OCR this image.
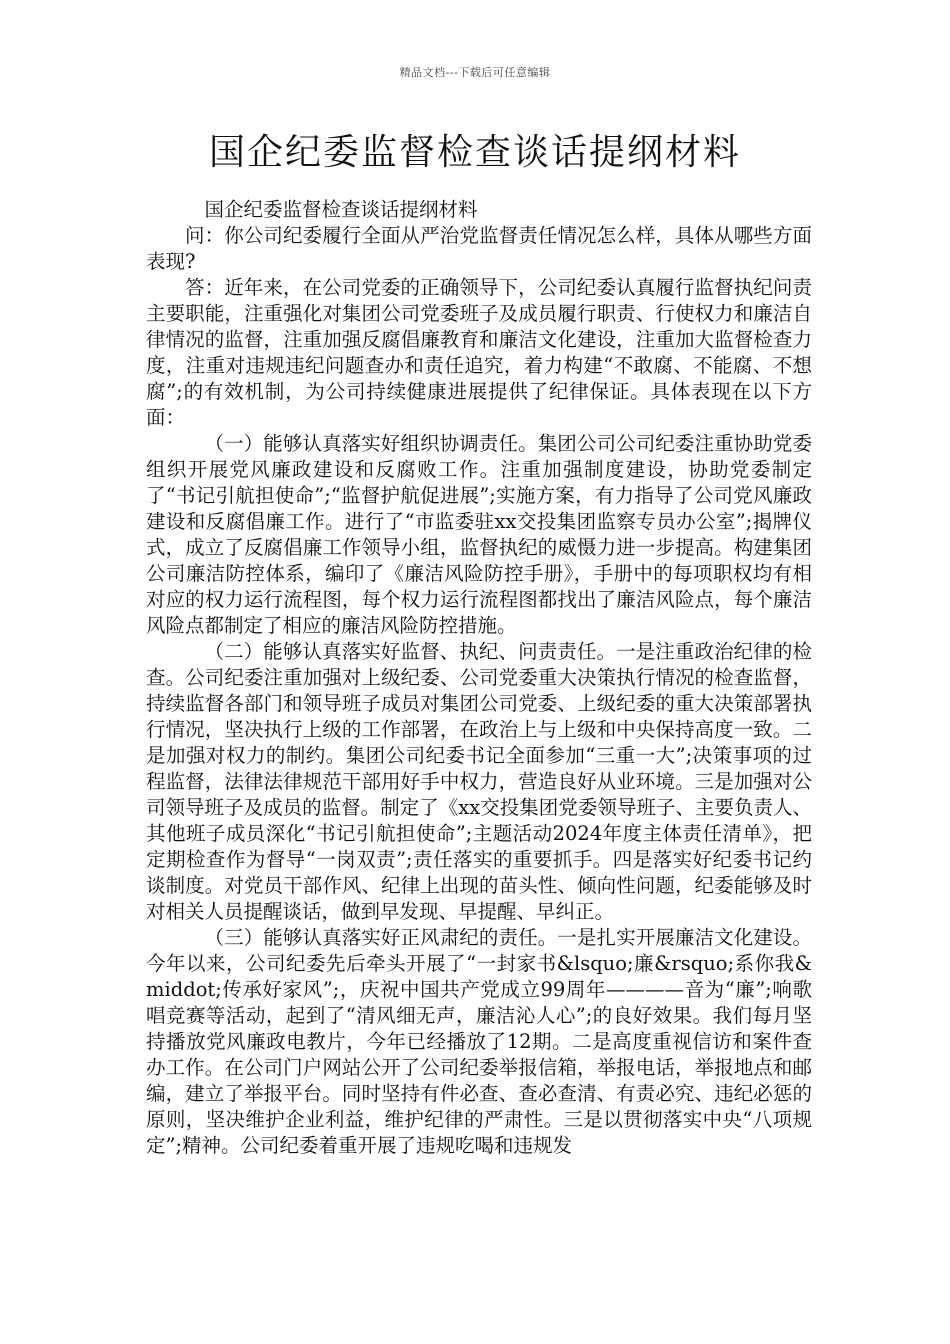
精品文档---下载后可任意编辑
国企纪委监督检查谈话提纲材料

国企纪委监督检查谈话提纲材料

问：你公司纪委履行全面从严治党监督责任情况怎么样，具体从哪些方面表现?

答：近年来，在公司党委的正确领导下，公司纪委认真履行监督执纪问责主要职能，注重强化对集团公司党委班子及成员履行职责、行使权力和廉洁自律情况的监督，注重加强反腐倡廉教育和廉洁文化建设，注重加大监督检查力度，注重对违规违纪问题查办和责任追究，着力构建“不敢腐、不能腐、不想腐”;的有效机制，为公司持续健康进展提供了纪律保证。具体表现在以下方面：

（一）能够认真落实好组织协调责任。集团公司公司纪委注重协助党委组织开展党风廉政建设和反腐败工作。注重加强制度建设，协助党委制定了“书记引航担使命”;“监督护航促进展”;实施方案，有力指导了公司党风廉政建设和反腐倡廉工作。进行了“市监委驻xx交投集团监察专员办公室”;揭牌仪式，成立了反腐倡廉工作领导小组，监督执纪的威慑力进一步提高。构建集团公司廉洁防控体系，编印了《廉洁风险防控手册》，手册中的每项职权均有相对应的权力运行流程图，每个权力运行流程图都找出了廉洁风险点，每个廉洁风险点都制定了相应的廉洁风险防控措施。

（二）能够认真落实好监督、执纪、问责责任。一是注重政治纪律的检查。公司纪委注重加强对上级纪委、公司党委重大决策执行情况的检查监督，持续监督各部门和领导班子成员对集团公司党委、上级纪委的重大决策部署执行情况，坚决执行上级的工作部署，在政治上与上级和中央保持高度一致。二是加强对权力的制约。集团公司纪委书记全面参加“三重一大”;决策事项的过程监督，法律法律规范干部用好手中权力，营造良好从业环境。三是加强对公司领导班子及成员的监督。制定了《xx交投集团党委领导班子、主要负责人、其他班子成员深化“书记引航担使命”;主题活动2024年度主体责任清单》，把定期检查作为督导“一岗双责”;责任落实的重要抓手。四是落实好纪委书记约谈制度。对党员干部作风、纪律上出现的苗头性、倾向性问题，纪委能够及时对相关人员提醒谈话，做到早发现、早提醒、早纠正。

（三）能够认真落实好正风肃纪的责任。一是扎实开展廉洁文化建设。今年以来，公司纪委先后牵头开展了“一封家书&lsquo;廉&rsquo;系你我&middot;传承好家风”;，庆祝中国共产党成立99周年————音为“廉”;响歌唱竞赛等活动，起到了“清风细无声，廉洁沁人心”;的良好效果。我们每月坚持播放党风廉政电教片，今年已经播放了12期。二是高度重视信访和案件查办工作。在公司门户网站公开了公司纪委举报信箱，举报电话，举报地点和邮编，建立了举报平台。同时坚持有件必查、查必查清、有责必究、违纪必惩的原则，坚决维护企业利益，维护纪律的严肃性。三是以贯彻落实中央“八项规定”;精神。公司纪委着重开展了违规吃喝和违规发
